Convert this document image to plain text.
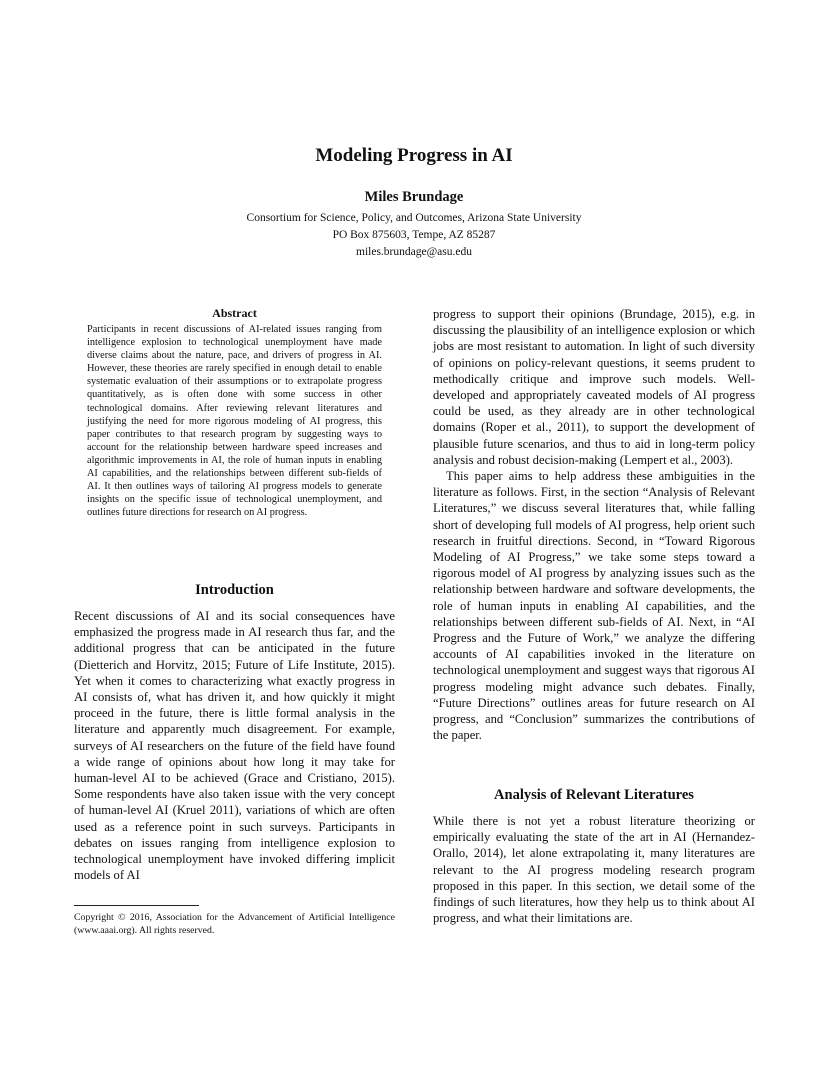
Modeling Progress in AI
Miles Brundage
Consortium for Science, Policy, and Outcomes, Arizona State University
PO Box 875603, Tempe, AZ 85287
miles.brundage@asu.edu
Abstract
Participants in recent discussions of AI-related issues ranging from intelligence explosion to technological unemployment have made diverse claims about the nature, pace, and drivers of progress in AI. However, these theories are rarely specified in enough detail to enable systematic evaluation of their assumptions or to extrapolate progress quantitatively, as is often done with some success in other technological domains. After reviewing relevant literatures and justifying the need for more rigorous modeling of AI progress, this paper contributes to that research program by suggesting ways to account for the relationship between hardware speed increases and algorithmic improvements in AI, the role of human inputs in enabling AI capabilities, and the relationships between different sub-fields of AI. It then outlines ways of tailoring AI progress models to generate insights on the specific issue of technological unemployment, and outlines future directions for research on AI progress.
Introduction

Recent discussions of AI and its social consequences have emphasized the progress made in AI research thus far, and the additional progress that can be anticipated in the future (Dietterich and Horvitz, 2015; Future of Life Institute, 2015). Yet when it comes to characterizing what exactly progress in AI consists of, what has driven it, and how quickly it might proceed in the future, there is little formal analysis in the literature and apparently much disagreement. For example, surveys of AI researchers on the future of the field have found a wide range of opinions about how long it may take for human-level AI to be achieved (Grace and Cristiano, 2015). Some respondents have also taken issue with the very concept of human-level AI (Kruel 2011), variations of which are often used as a reference point in such surveys. Participants in debates on issues ranging from intelligence explosion to technological unemployment have invoked differing implicit models of AI

Copyright © 2016, Association for the Advancement of Artificial Intelligence (www.aaai.org). All rights reserved.

progress to support their opinions (Brundage, 2015), e.g. in discussing the plausibility of an intelligence explosion or which jobs are most resistant to automation. In light of such diversity of opinions on policy-relevant questions, it seems prudent to methodically critique and improve such models. Well-developed and appropriately caveated models of AI progress could be used, as they already are in other technological domains (Roper et al., 2011), to support the development of plausible future scenarios, and thus to aid in long-term policy analysis and robust decision-making (Lempert et al., 2003).

This paper aims to help address these ambiguities in the literature as follows. First, in the section “Analysis of Relevant Literatures,” we discuss several literatures that, while falling short of developing full models of AI progress, help orient such research in fruitful directions. Second, in “Toward Rigorous Modeling of AI Progress,” we take some steps toward a rigorous model of AI progress by analyzing issues such as the relationship between hardware and software developments, the role of human inputs in enabling AI capabilities, and the relationships between different sub-fields of AI. Next, in “AI Progress and the Future of Work,” we analyze the differing accounts of AI capabilities invoked in the literature on technological unemployment and suggest ways that rigorous AI progress modeling might advance such debates. Finally, “Future Directions” outlines areas for future research on AI progress, and “Conclusion” summarizes the contributions of the paper.

Analysis of Relevant Literatures

While there is not yet a robust literature theorizing or empirically evaluating the state of the art in AI (Hernandez-Orallo, 2014), let alone extrapolating it, many literatures are relevant to the AI progress modeling research program proposed in this paper. In this section, we detail some of the findings of such literatures, how they help us to think about AI progress, and what their limitations are.
